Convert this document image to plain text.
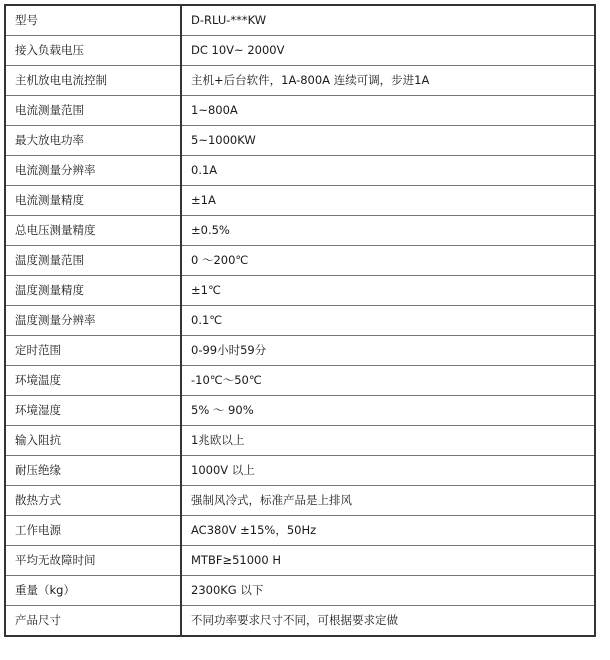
型号	D-RLU-***KW
接入负载电压	DC 10V~ 2000V
主机放电电流控制	主机+后台软件，1A-800A 连续可调，步进1A
电流测量范围	1~800A
最大放电功率	5~1000KW
电流测量分辨率	0.1A
电流测量精度	±1A
总电压测量精度	±0.5%
温度测量范围	0 ～200℃
温度测量精度	±1℃
温度测量分辨率	0.1℃
定时范围	0-99小时59分
环境温度	-10℃～50℃
环境湿度	5% ～ 90%
输入阻抗	1兆欧以上
耐压绝缘	1000V 以上
散热方式	强制风冷式，标准产品是上排风
工作电源	AC380V ±15%，50Hz
平均无故障时间	MTBF≥51000 H
重量（kg）	2300KG 以下
产品尺寸	不同功率要求尺寸不同，可根据要求定做
